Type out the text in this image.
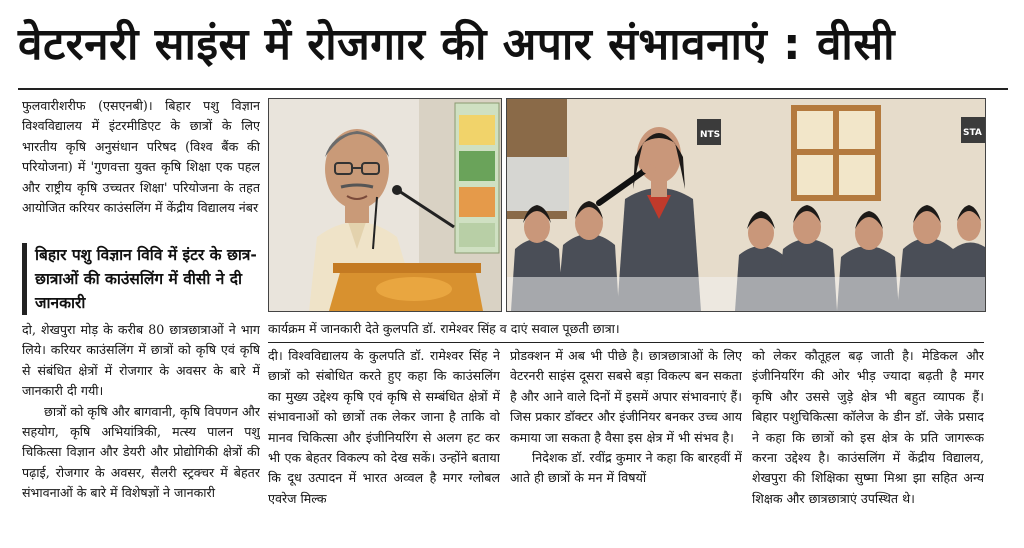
वेटरनरी साइंस में रोजगार की अपार संभावनाएं : वीसी

फुलवारीशरीफ (एसएनबी)। बिहार पशु विज्ञान विश्वविद्यालय में इंटरमीडिएट के छात्रों के लिए भारतीय कृषि अनुसंधान परिषद (विश्व बैंक की परियोजना) में 'गुणवत्ता युक्त कृषि शिक्षा एक पहल और राष्ट्रीय कृषि उच्चतर शिक्षा' परियोजना के तहत आयोजित करियर काउंसलिंग में केंद्रीय विद्यालय नंबर

बिहार पशु विज्ञान विवि में इंटर के छात्र-छात्राओं की काउंसलिंग में वीसी ने दी जानकारी
NTS	STA
कार्यक्रम में जानकारी देते कुलपति डॉ. रामेश्वर सिंह व दाएं सवाल पूछती छात्रा।

दो, शेखपुरा मोड़ के करीब 80 छात्रछात्राओं ने भाग लिये। करियर काउंसलिंग में छात्रों को कृषि एवं कृषि से संबंधित क्षेत्रों में रोजगार के अवसर के बारे में जानकारी दी गयी।

छात्रों को कृषि और बागवानी, कृषि विपणन और सहयोग, कृषि अभियांत्रिकी, मत्स्य पालन पशु चिकित्सा विज्ञान और डेयरी और प्रोद्योगिकी क्षेत्रों की पढ़ाई, रोजगार के अवसर, सैलरी स्ट्रक्चर में बेहतर संभावनाओं के बारे में विशेषज्ञों ने जानकारी

दी। विश्वविद्यालय के कुलपति डॉ. रामेश्वर सिंह ने छात्रों को संबोधित करते हुए कहा कि काउंसलिंग का मुख्य उद्देश्य कृषि एवं कृषि से सम्बंधित क्षेत्रों में संभावनाओं को छात्रों तक लेकर जाना है ताकि वो मानव चिकित्सा और इंजीनियरिंग से अलग हट कर भी एक बेहतर विकल्प को देख सकें। उन्होंने बताया कि दूध उत्पादन में भारत अव्वल है मगर ग्लोबल एवरेज मिल्क

प्रोडक्शन में अब भी पीछे है। छात्रछात्राओं के लिए वेटरनरी साइंस दूसरा सबसे बड़ा विकल्प बन सकता है और आने वाले दिनों में इसमें अपार संभावनाएं हैं। जिस प्रकार डॉक्टर और इंजीनियर बनकर उच्च आय कमाया जा सकता है वैसा इस क्षेत्र में भी संभव है।

निदेशक डॉ. रवींद्र कुमार ने कहा कि बारहवीं में आते ही छात्रों के मन में विषयों

को लेकर कौतूहल बढ़ जाती है। मेडिकल और इंजीनियरिंग की ओर भीड़ ज्यादा बढ़ती है मगर कृषि और उससे जुड़े क्षेत्र भी बहुत व्यापक हैं। बिहार पशुचिकित्सा कॉलेज के डीन डॉ. जेके प्रसाद ने कहा कि छात्रों को इस क्षेत्र के प्रति जागरूक करना उद्देश्य है। काउंसलिंग में केंद्रीय विद्यालय, शेखपुरा की शिक्षिका सुष्मा मिश्रा झा सहित अन्य शिक्षक और छात्रछात्राएं उपस्थित थे।
